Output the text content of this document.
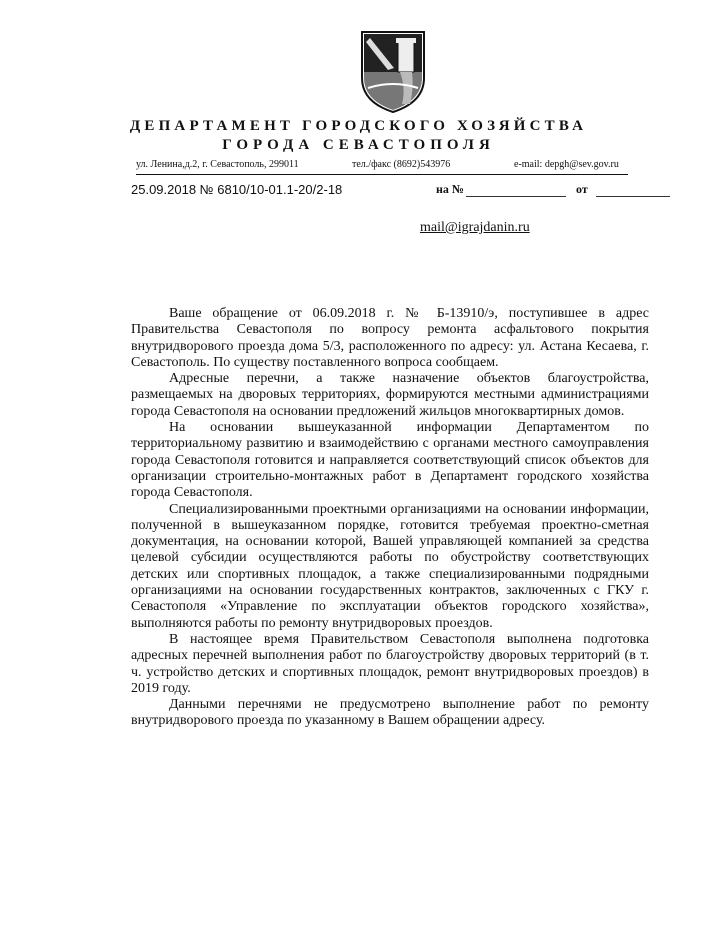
ДЕПАРТАМЕНТ ГОРОДСКОГО ХОЗЯЙСТВА
ГОРОДА СЕВАСТОПОЛЯ
ул. Ленина,д.2, г. Севастополь, 299011	тел./факс (8692)543976	e-mail: depgh@sev.gov.ru
25.09.2018 № 6810/10-01.1-20/2-18	на №	от
mail@igrajdanin.ru

Ваше обращение от 06.09.2018 г. № Б-13910/э, поступившее в адрес Правительства Севастополя по вопросу ремонта асфальтового покрытия внутридворового проезда дома 5/3, расположенного по адресу: ул. Астана Кесаева, г. Севастополь. По существу поставленного вопроса сообщаем.

Адресные перечни, а также назначение объектов благоустройства, размещаемых на дворовых территориях, формируются местными администрациями города Севастополя на основании предложений жильцов многоквартирных домов.

На основании вышеуказанной информации Департаментом по территориальному развитию и взаимодействию с органами местного самоуправления города Севастополя готовится и направляется соответствующий список объектов для организации строительно-монтажных работ в Департамент городского хозяйства города Севастополя.

Специализированными проектными организациями на основании информации, полученной в вышеуказанном порядке, готовится требуемая проектно-сметная документация, на основании которой, Вашей управляющей компанией за средства целевой субсидии осуществляются работы по обустройству соответствующих детских или спортивных площадок, а также специализированными подрядными организациями на основании государственных контрактов, заключенных с ГКУ г. Севастополя «Управление по эксплуатации объектов городского хозяйства», выполняются работы по ремонту внутридворовых проездов.

В настоящее время Правительством Севастополя выполнена подготовка адресных перечней выполнения работ по благоустройству дворовых территорий (в т. ч. устройство детских и спортивных площадок, ремонт внутридворовых проездов) в 2019 году.

Данными перечнями не предусмотрено выполнение работ по ремонту внутридворового проезда по указанному в Вашем обращении адресу.
